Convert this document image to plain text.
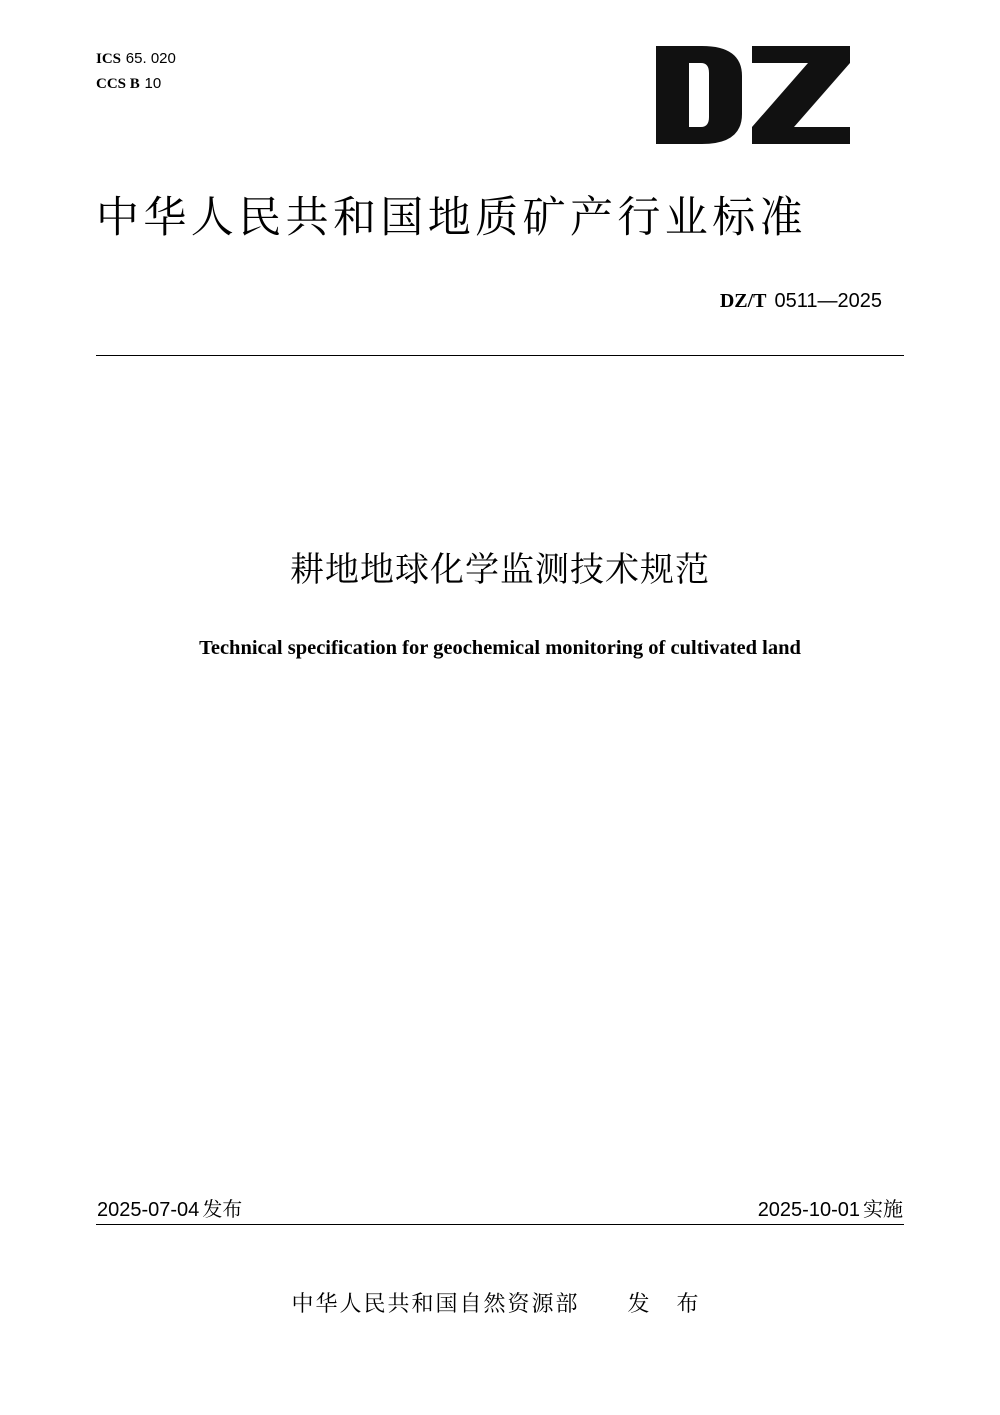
ICS 65. 020
CCS B 10
中华人民共和国地质矿产行业标准
DZ/T 0511—2025
耕地地球化学监测技术规范
Technical specification for geochemical monitoring of cultivated land
2025-07-04 发布	2025-10-01 实施
中华人民共和国自然资源部 发 布
